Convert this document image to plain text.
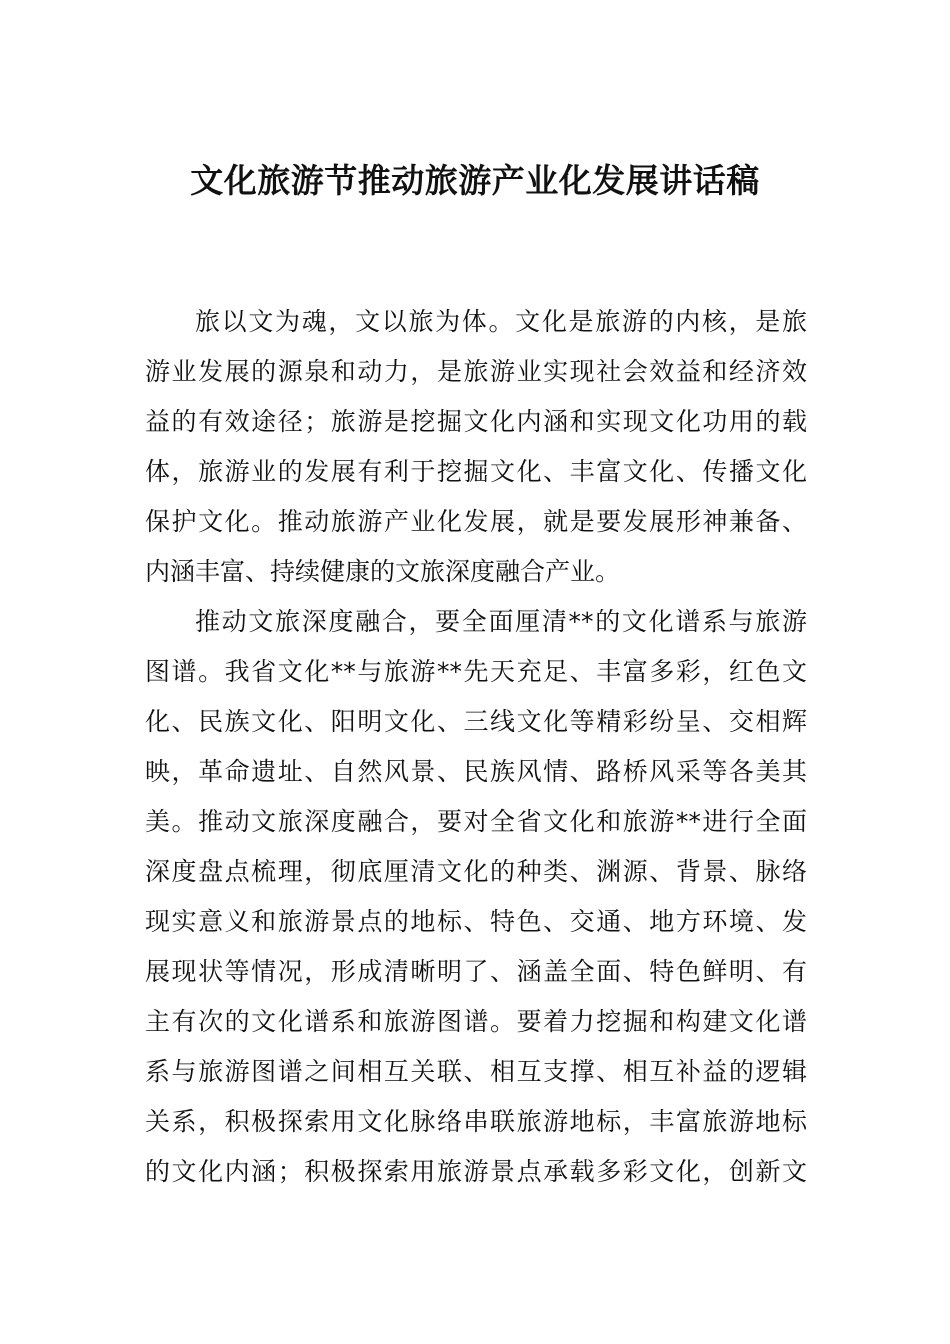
文化旅游节推动旅游产业化发展讲话稿
旅以文为魂，文以旅为体。文化是旅游的内核，是旅
游业发展的源泉和动力，是旅游业实现社会效益和经济效
益的有效途径；旅游是挖掘文化内涵和实现文化功用的载
体，旅游业的发展有利于挖掘文化、丰富文化、传播文化
保护文化。推动旅游产业化发展，就是要发展形神兼备、
内涵丰富、持续健康的文旅深度融合产业。
推动文旅深度融合，要全面厘清**的文化谱系与旅游
图谱。我省文化**与旅游**先天充足、丰富多彩，红色文
化、民族文化、阳明文化、三线文化等精彩纷呈、交相辉
映，革命遗址、自然风景、民族风情、路桥风采等各美其
美。推动文旅深度融合，要对全省文化和旅游**进行全面
深度盘点梳理，彻底厘清文化的种类、渊源、背景、脉络
现实意义和旅游景点的地标、特色、交通、地方环境、发
展现状等情况，形成清晰明了、涵盖全面、特色鲜明、有
主有次的文化谱系和旅游图谱。要着力挖掘和构建文化谱
系与旅游图谱之间相互关联、相互支撑、相互补益的逻辑
关系，积极探索用文化脉络串联旅游地标，丰富旅游地标
的文化内涵；积极探索用旅游景点承载多彩文化，创新文
